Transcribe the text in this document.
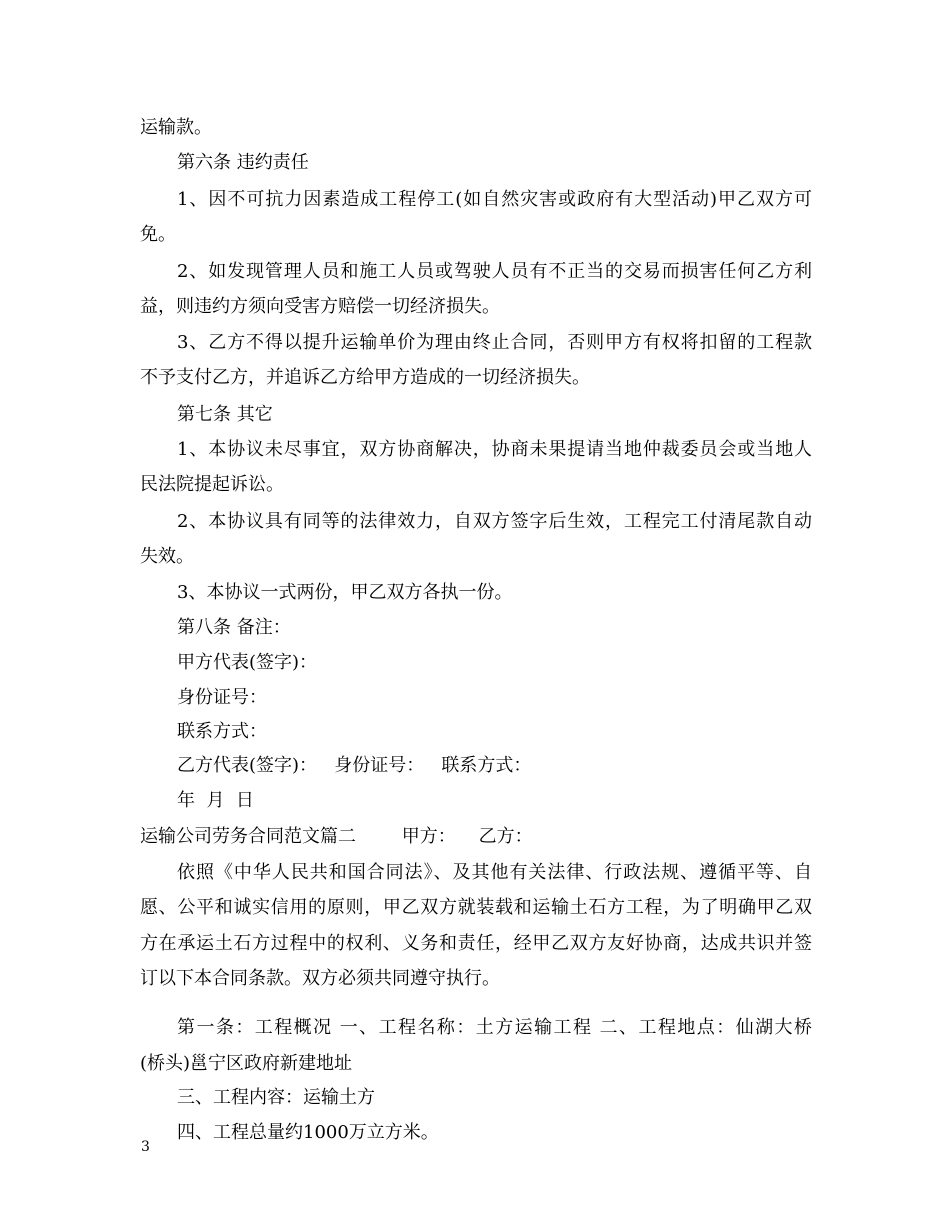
运输款。

第六条 违约责任

1、因不可抗力因素造成工程停工(如自然灾害或政府有大型活动)甲乙双方可

免。

2、如发现管理人员和施工人员或驾驶人员有不正当的交易而损害任何乙方利

益，则违约方须向受害方赔偿一切经济损失。

3、乙方不得以提升运输单价为理由终止合同，否则甲方有权将扣留的工程款

不予支付乙方，并追诉乙方给甲方造成的一切经济损失。

第七条 其它

1、本协议未尽事宜，双方协商解决，协商未果提请当地仲裁委员会或当地人

民法院提起诉讼。

2、本协议具有同等的法律效力，自双方签字后生效，工程完工付清尾款自动

失效。

3、本协议一式两份，甲乙双方各执一份。

第八条 备注：

甲方代表(签字)：

身份证号：

联系方式：

乙方代表(签字)：   身份证号：   联系方式：

年  月  日

运输公司劳务合同范文篇二        甲方：    乙方：

依照《中华人民共和国合同法》、及其他有关法律、行政法规、遵循平等、自

愿、公平和诚实信用的原则，甲乙双方就装载和运输土石方工程，为了明确甲乙双

方在承运土石方过程中的权利、义务和责任，经甲乙双方友好协商，达成共识并签

订以下本合同条款。双方必须共同遵守执行。

第一条：工程概况 一、工程名称：土方运输工程 二、工程地点：仙湖大桥

(桥头)邕宁区政府新建地址

三、工程内容：运输土方

四、工程总量约1000万立方米。

3
